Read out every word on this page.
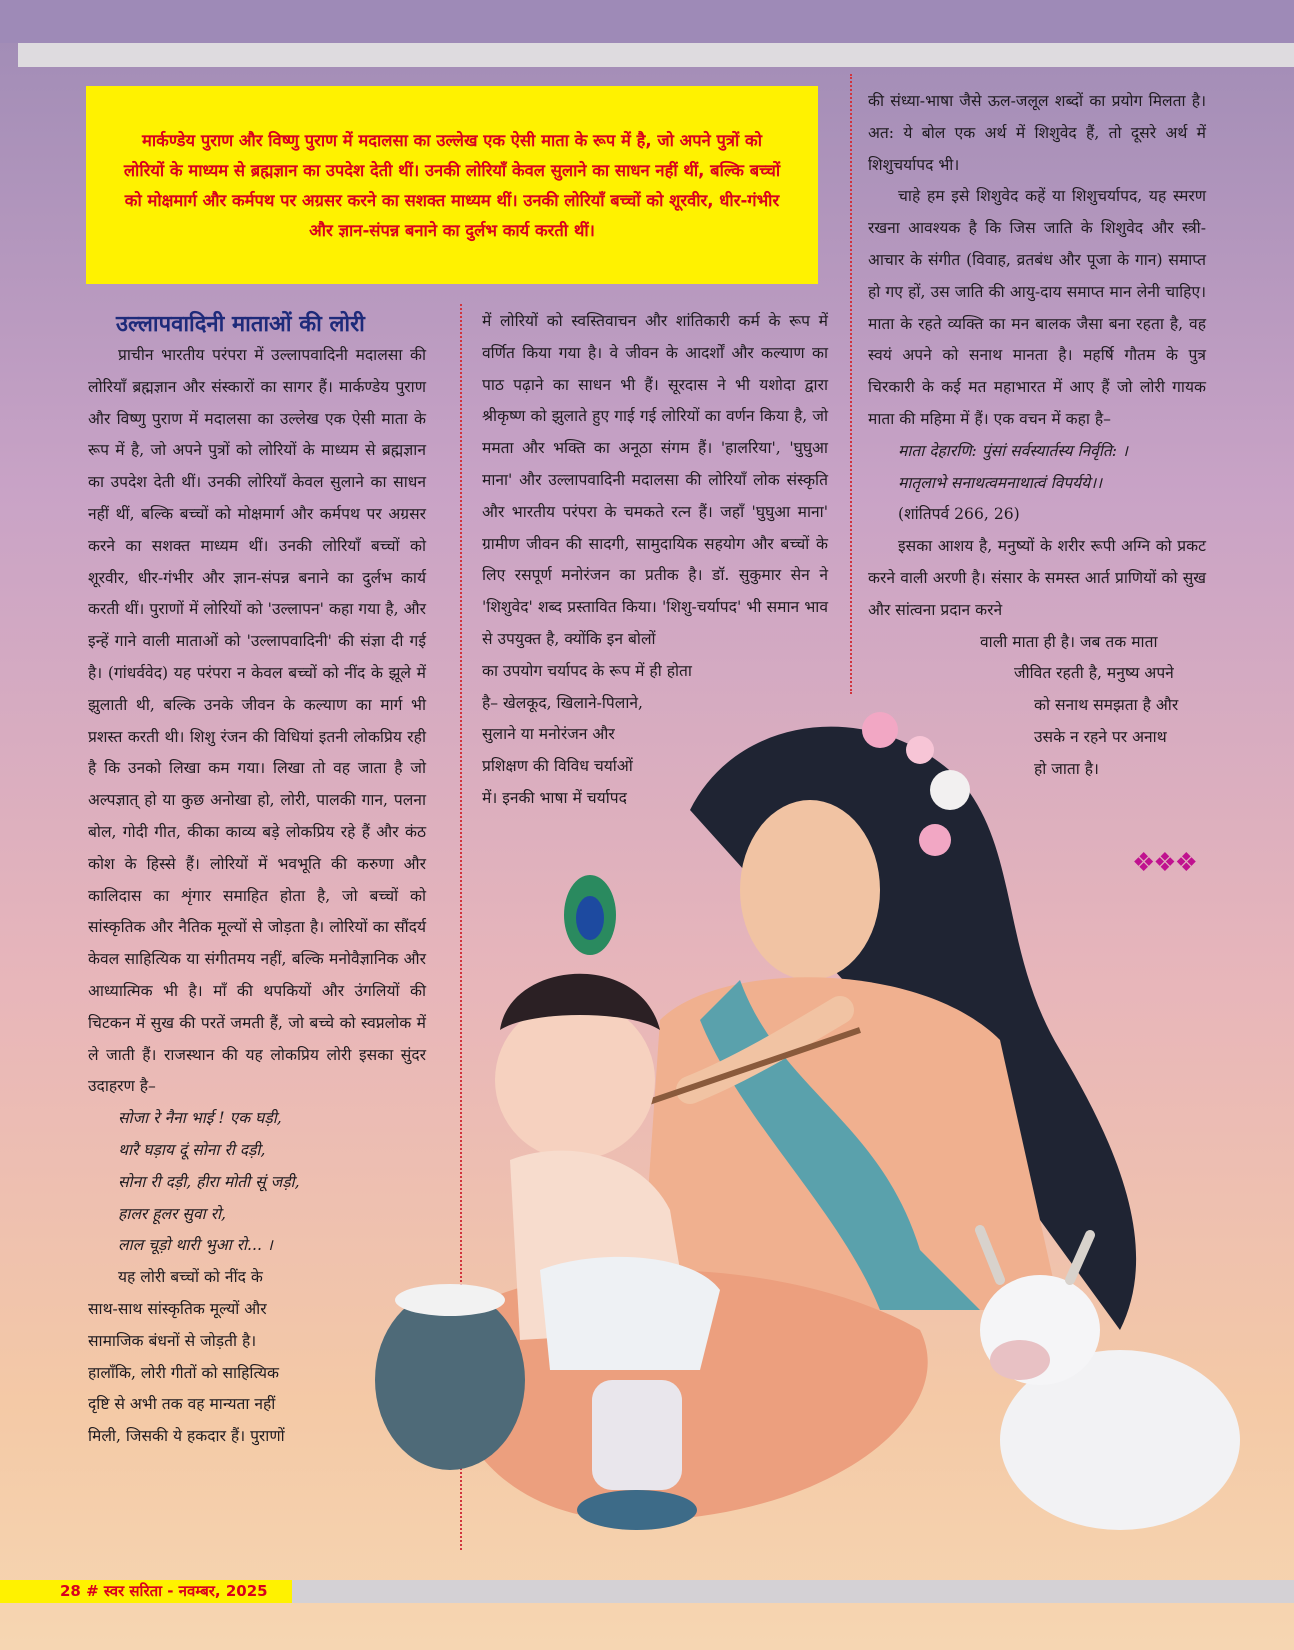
मार्कण्डेय पुराण और विष्णु पुराण में मदालसा का उल्लेख एक ऐसी माता के रूप में है, जो अपने पुत्रों को लोरियों के माध्यम से ब्रह्मज्ञान का उपदेश देती थीं। उनकी लोरियाँ केवल सुलाने का साधन नहीं थीं, बल्कि बच्चों को मोक्षमार्ग और कर्मपथ पर अग्रसर करने का सशक्त माध्यम थीं। उनकी लोरियाँ बच्चों को शूरवीर, धीर-गंभीर और ज्ञान-संपन्न बनाने का दुर्लभ कार्य करती थीं।
उल्लापवादिनी माताओं की लोरी

प्राचीन भारतीय परंपरा में उल्लापवादिनी मदालसा की लोरियाँ ब्रह्मज्ञान और संस्कारों का सागर हैं। मार्कण्डेय पुराण और विष्णु पुराण में मदालसा का उल्लेख एक ऐसी माता के रूप में है, जो अपने पुत्रों को लोरियों के माध्यम से ब्रह्मज्ञान का उपदेश देती थीं। उनकी लोरियाँ केवल सुलाने का साधन नहीं थीं, बल्कि बच्चों को मोक्षमार्ग और कर्मपथ पर अग्रसर करने का सशक्त माध्यम थीं। उनकी लोरियाँ बच्चों को शूरवीर, धीर-गंभीर और ज्ञान-संपन्न बनाने का दुर्लभ कार्य करती थीं। पुराणों में लोरियों को 'उल्लापन' कहा गया है, और इन्हें गाने वाली माताओं को 'उल्लापवादिनी' की संज्ञा दी गई है। (गांधर्ववेद) यह परंपरा न केवल बच्चों को नींद के झूले में झुलाती थी, बल्कि उनके जीवन के कल्याण का मार्ग भी प्रशस्त करती थी। शिशु रंजन की विधियां इतनी लोकप्रिय रही है कि उनको लिखा कम गया। लिखा तो वह जाता है जो अल्पज्ञात् हो या कुछ अनोखा हो, लोरी, पालकी गान, पलना बोल, गोदी गीत, कीका काव्य बड़े लोकप्रिय रहे हैं और कंठ कोश के हिस्से हैं। लोरियों में भवभूति की करुणा और कालिदास का शृंगार समाहित होता है, जो बच्चों को सांस्कृतिक और नैतिक मूल्यों से जोड़ता है। लोरियों का सौंदर्य केवल साहित्यिक या संगीतमय नहीं, बल्कि मनोवैज्ञानिक और आध्यात्मिक भी है। माँ की थपकियों और उंगलियों की चिटकन में सुख की परतें जमती हैं, जो बच्चे को स्वप्नलोक में ले जाती हैं। राजस्थान की यह लोकप्रिय लोरी इसका सुंदर उदाहरण है–

सोजा रे नैना भाई ! एक घड़ी,

थारै घड़ाय दूं सोना री दड़ी,

सोना री दड़ी, हीरा मोती सूं जड़ी,

हालर हूलर सुवा रो,

लाल चूड़ो थारी भुआ रो... ।

यह लोरी बच्चों को नींद के

साथ-साथ सांस्कृतिक मूल्यों और

सामाजिक बंधनों से जोड़ती है।

हालाँकि, लोरी गीतों को साहित्यिक

दृष्टि से अभी तक वह मान्यता नहीं

मिली, जिसकी ये हकदार हैं। पुराणों

में लोरियों को स्वस्तिवाचन और शांतिकारी कर्म के रूप में वर्णित किया गया है। वे जीवन के आदर्शों और कल्याण का पाठ पढ़ाने का साधन भी हैं। सूरदास ने भी यशोदा द्वारा श्रीकृष्ण को झुलाते हुए गाई गई लोरियों का वर्णन किया है, जो ममता और भक्ति का अनूठा संगम हैं। 'हालरिया', 'घुघुआ माना' और उल्लापवादिनी मदालसा की लोरियाँ लोक संस्कृति और भारतीय परंपरा के चमकते रत्न हैं। जहाँ 'घुघुआ माना' ग्रामीण जीवन की सादगी, सामुदायिक सहयोग और बच्चों के लिए रसपूर्ण मनोरंजन का प्रतीक है। डॉ. सुकुमार सेन ने 'शिशुवेद' शब्द प्रस्तावित किया। 'शिशु-चर्यापद' भी समान भाव से उपयुक्त है, क्योंकि इन बोलों

का उपयोग चर्यापद के रूप में ही होता

है– खेलकूद, खिलाने-पिलाने,

सुलाने या मनोरंजन और

प्रशिक्षण की विविध चर्याओं

में। इनकी भाषा में चर्यापद

की संध्या-भाषा जैसे ऊल-जलूल शब्दों का प्रयोग मिलता है। अत: ये बोल एक अर्थ में शिशुवेद हैं, तो दूसरे अर्थ में शिशुचर्यापद भी।

चाहे हम इसे शिशुवेद कहें या शिशुचर्यापद, यह स्मरण रखना आवश्यक है कि जिस जाति के शिशुवेद और स्त्री-आचार के संगीत (विवाह, व्रतबंध और पूजा के गान) समाप्त हो गए हों, उस जाति की आयु-दाय समाप्त मान लेनी चाहिए। माता के रहते व्यक्ति का मन बालक जैसा बना रहता है, वह स्वयं अपने को सनाथ मानता है। महर्षि गौतम के पुत्र चिरकारी के कई मत महाभारत में आए हैं जो लोरी गायक माता की महिमा में हैं। एक वचन में कहा है–

माता देहारणि: पुंसां सर्वस्यार्तस्य निर्वृति: ।

मातृलाभे सनाथत्वमनाथात्वं विपर्यये।।

(शांतिपर्व 266, 26)

इसका आशय है, मनुष्यों के शरीर रूपी अग्नि को प्रकट करने वाली अरणी है। संसार के समस्त आर्त प्राणियों को सुख और सांत्वना प्रदान करने

वाली माता ही है। जब तक माता

जीवित रहती है, मनुष्य अपने

को सनाथ समझता है और

उसके न रहने पर अनाथ

हो जाता है।

❖❖❖
28 # स्वर सरिता - नवम्बर, 2025
